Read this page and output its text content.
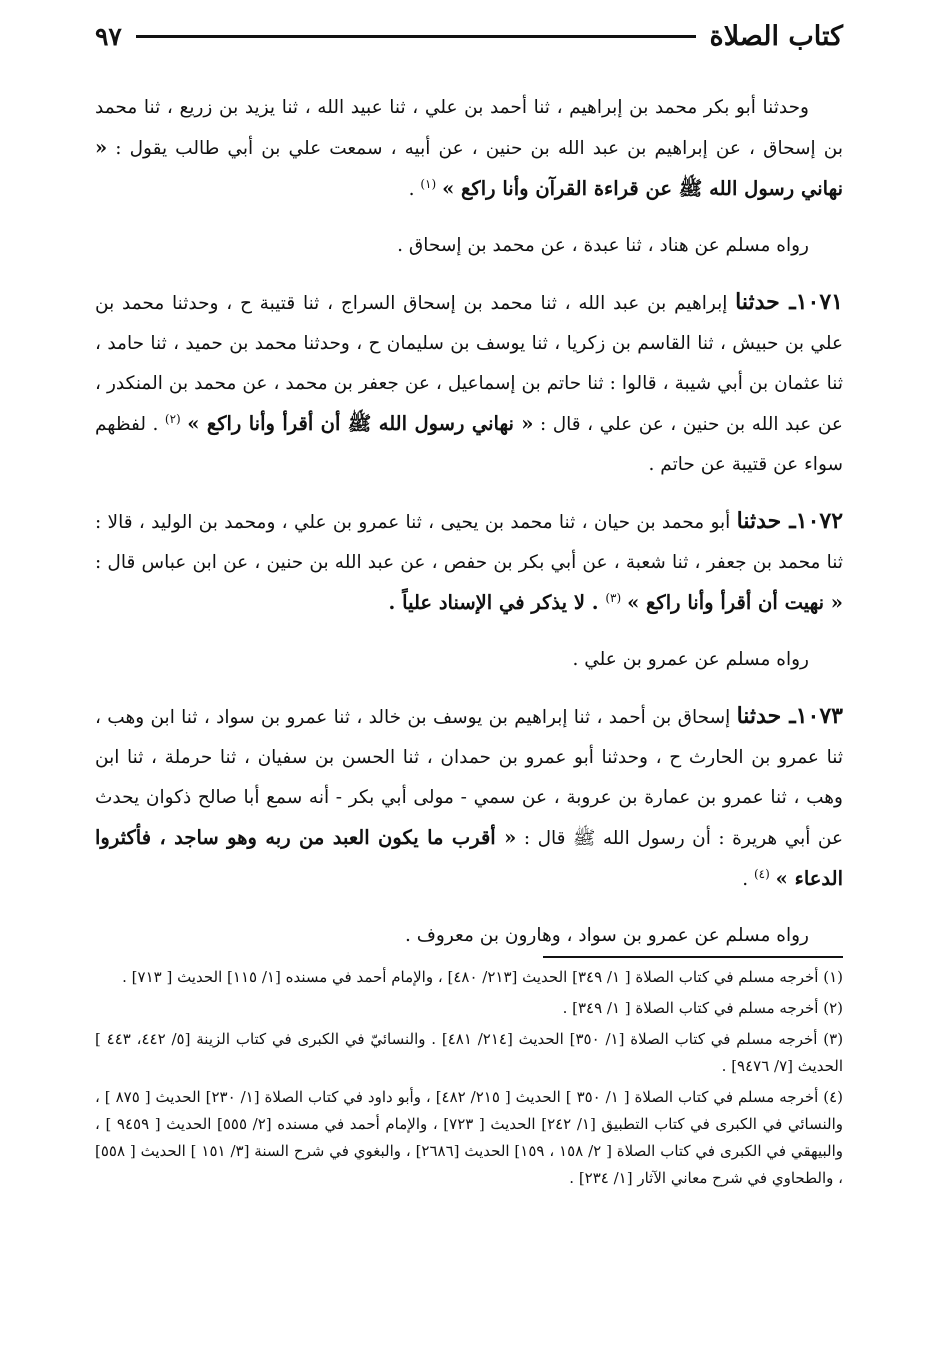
كتاب الصلاة
٩٧

وحدثنا أبو بكر محمد بن إبراهيم ، ثنا أحمد بن علي ، ثنا عبيد الله ، ثنا يزيد بن زريع ، ثنا محمد بن إسحاق ، عن إبراهيم بن عبد الله بن حنين ، عن أبيه ، سمعت علي بن أبي طالب يقول : « نهاني رسول الله ﷺ عن قراءة القرآن وأنا راكع » $^{(١)}$ .

رواه مسلم عن هناد ، ثنا عبدة ، عن محمد بن إسحاق .

١٠٧١ـ حدثنا إبراهيم بن عبد الله ، ثنا محمد بن إسحاق السراج ، ثنا قتيبة ح ، وحدثنا محمد بن علي بن حبيش ، ثنا القاسم بن زكريا ، ثنا يوسف بن سليمان ح ، وحدثنا محمد بن حميد ، ثنا حامد ، ثنا عثمان بن أبي شيبة ، قالوا : ثنا حاتم بن إسماعيل ، عن جعفر بن محمد ، عن محمد بن المنكدر ، عن عبد الله بن حنين ، عن علي ، قال : « نهاني رسول الله ﷺ أن أقرأ وأنا راكع » $^{(٢)}$ . لفظهم سواء عن قتيبة عن حاتم .

١٠٧٢ـ حدثنا أبو محمد بن حيان ، ثنا محمد بن يحيى ، ثنا عمرو بن علي ، ومحمد بن الوليد ، قالا : ثنا محمد بن جعفر ، ثنا شعبة ، عن أبي بكر بن حفص ، عن عبد الله بن حنين ، عن ابن عباس قال : « نهيت أن أقرأ وأنا راكع » $^{(٣)}$ . لا يذكر في الإسناد علياً .

رواه مسلم عن عمرو بن علي .

١٠٧٣ـ حدثنا إسحاق بن أحمد ، ثنا إبراهيم بن يوسف بن خالد ، ثنا عمرو بن سواد ، ثنا ابن وهب ، ثنا عمرو بن الحارث ح ، وحدثنا أبو عمرو بن حمدان ، ثنا الحسن بن سفيان ، ثنا حرملة ، ثنا ابن وهب ، ثنا عمرو بن عمارة بن عروبة ، عن سمي - مولى أبي بكر - أنه سمع أبا صالح ذكوان يحدث عن أبي هريرة : أن رسول الله ﷺ قال : « أقرب ما يكون العبد من ربه وهو ساجد ، فأكثروا الدعاء » $^{(٤)}$ .

رواه مسلم عن عمرو بن سواد ، وهارون بن معروف .

(١) أخرجه مسلم في كتاب الصلاة [ ١/ ٣٤٩] الحديث [٢١٣/ ٤٨٠] ، والإمام أحمد في مسنده [١/ ١١٥] الحديث [ ٧١٣] .

(٢) أخرجه مسلم في كتاب الصلاة [ ١/ ٣٤٩] .

(٣) أخرجه مسلم في كتاب الصلاة [١/ ٣٥٠] الحديث [٢١٤/ ٤٨١] . والنسائيّ في الكبرى في كتاب الزينة [٥/ ٤٤٢، ٤٤٣ ] الحديث [٧/ ٩٤٧٦] .

(٤) أخرجه مسلم في كتاب الصلاة [ ١/ ٣٥٠ ] الحديث [ ٢١٥/ ٤٨٢] ، وأبو داود في كتاب الصلاة [١/ ٢٣٠] الحديث [ ٨٧٥ ] ، والنسائي في الكبرى في كتاب التطبيق [١/ ٢٤٢] الحديث [ ٧٢٣] ، والإمام أحمد في مسنده [٢/ ٥٥٥] الحديث [ ٩٤٥٩ ] ، والبيهقي في الكبرى في كتاب الصلاة [ ٢/ ١٥٨ ، ١٥٩] الحديث [٢٦٨٦] ، والبغوي في شرح السنة [٣/ ١٥١ ] الحديث [ ٥٥٨] ، والطحاوي في شرح معاني الآثار [١/ ٢٣٤] .
